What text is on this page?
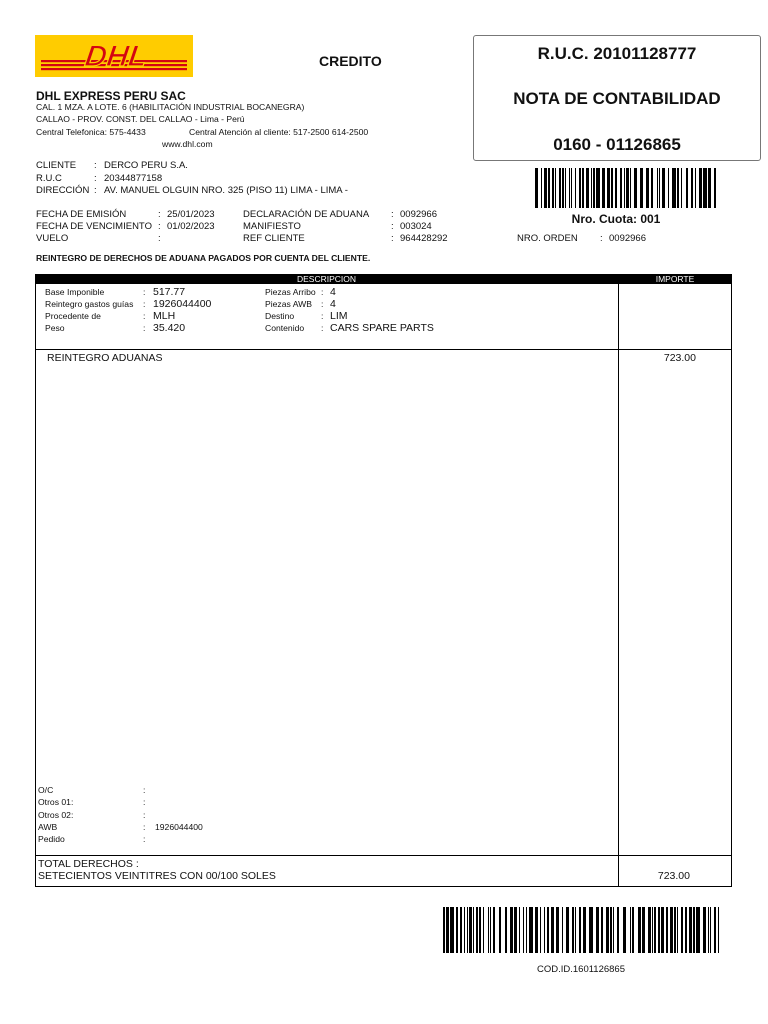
DHL	CREDITO	R.U.C. 20101128777
NOTA DE CONTABILIDAD
0160 - 01126865
DHL EXPRESS PERU SAC
CAL. 1 MZA. A LOTE. 6 (HABILITACIÓN INDUSTRIAL BOCANEGRA)
CALLAO - PROV. CONST. DEL CALLAO - Lima - Perú
Central Telefonica: 575-4433	Central Atención al cliente: 517-2500 614-2500
www.dhl.com
Nro. Cuota: 001
CLIENTE : DERCO PERU S.A.
R.U.C	: 20344877158
DIRECCIÓN : AV. MANUEL OLGUIN NRO. 325 (PISO 11) LIMA - LIMA -
FECHA DE EMISIÓN	: 25/01/2023
FECHA DE VENCIMIENTO : 01/02/2023
VUELO	:
DECLARACIÓN DE ADUANA : 0092966
MANIFIESTO	: 003024
REF CLIENTE	: 964428292	NRO. ORDEN : 0092966
REINTEGRO DE DERECHOS DE ADUANA PAGADOS POR CUENTA DEL CLIENTE.
DESCRIPCION	IMPORTE
Base Imponible	: 517.77
Reintegro gastos guías : 1926044400
Procedente de	: MLH
Peso	: 35.420
Piezas Arribo : 4
Piezas AWB : 4
Destino	: LIM
Contenido : CARS SPARE PARTS
REINTEGRO ADUANAS	723.00
O/C	:
Otros 01:	:
Otros 02:	:
AWB	: 1926044400
Pedido	:
TOTAL DERECHOS :
SETECIENTOS VEINTITRES CON 00/100 SOLES	723.00
COD.ID.1601126865
